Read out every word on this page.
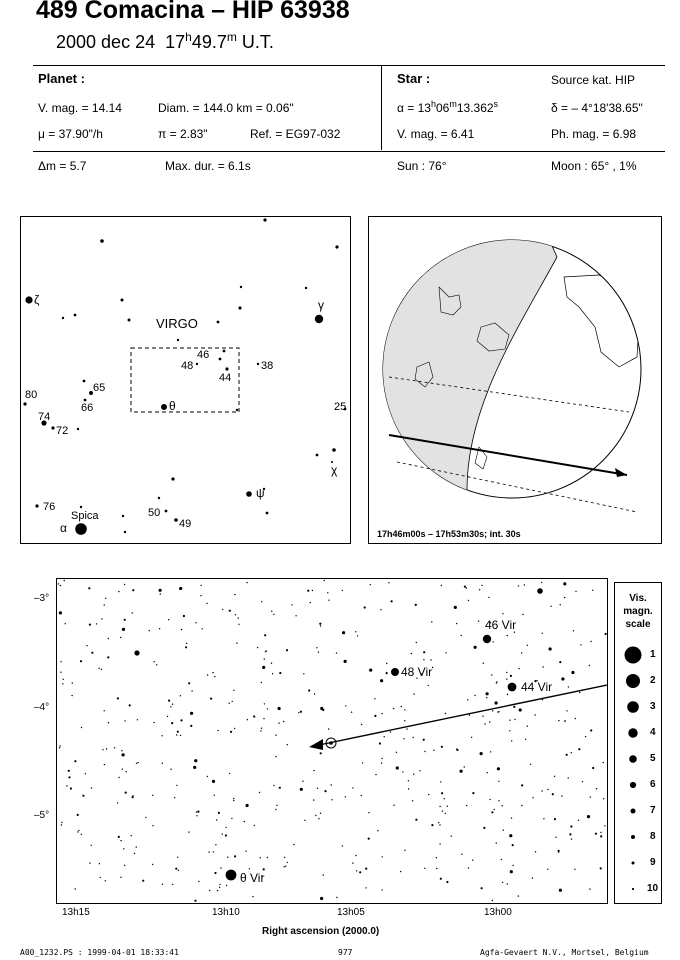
489 Comacina – HIP 63938
2000 dec 24 17$^h$49.7$^m$ U.T.
Planet :
V. mag. = 14.14	Diam. = 144.0 km = 0.06"
μ = 37.90"/h	π = 2.83"	Ref. = EG97-032
Star :	Source kat. HIP
$\alpha = 13^h06^m13.362^s$	δ = – 4°18'38.65"
V. mag. = 6.41	Ph. mag. = 6.98
Δm = 5.7	Max. dur. = 6.1s	Sun : 76°	Moon : 65° , 1%
VIRGO
ζ	γ
θ
χ
ψ
α
Spica
46
48
44
38
80
65
66
74
72
25
76	50
49
17h46m00s – 17h53m30s; int. 30s
46 Vir
48 Vir
44 Vir
θ Vir
–3°
–4°
–5°
13h15	13h10	13h05	13h00
Right ascension (2000.0)
Vis.
magn.
scale
1
2
3
4
5
6
7
8
9
10
A00_1232.PS : 1999-04-01 18:33:41	977	Agfa-Gevaert N.V., Mortsel, Belgium
